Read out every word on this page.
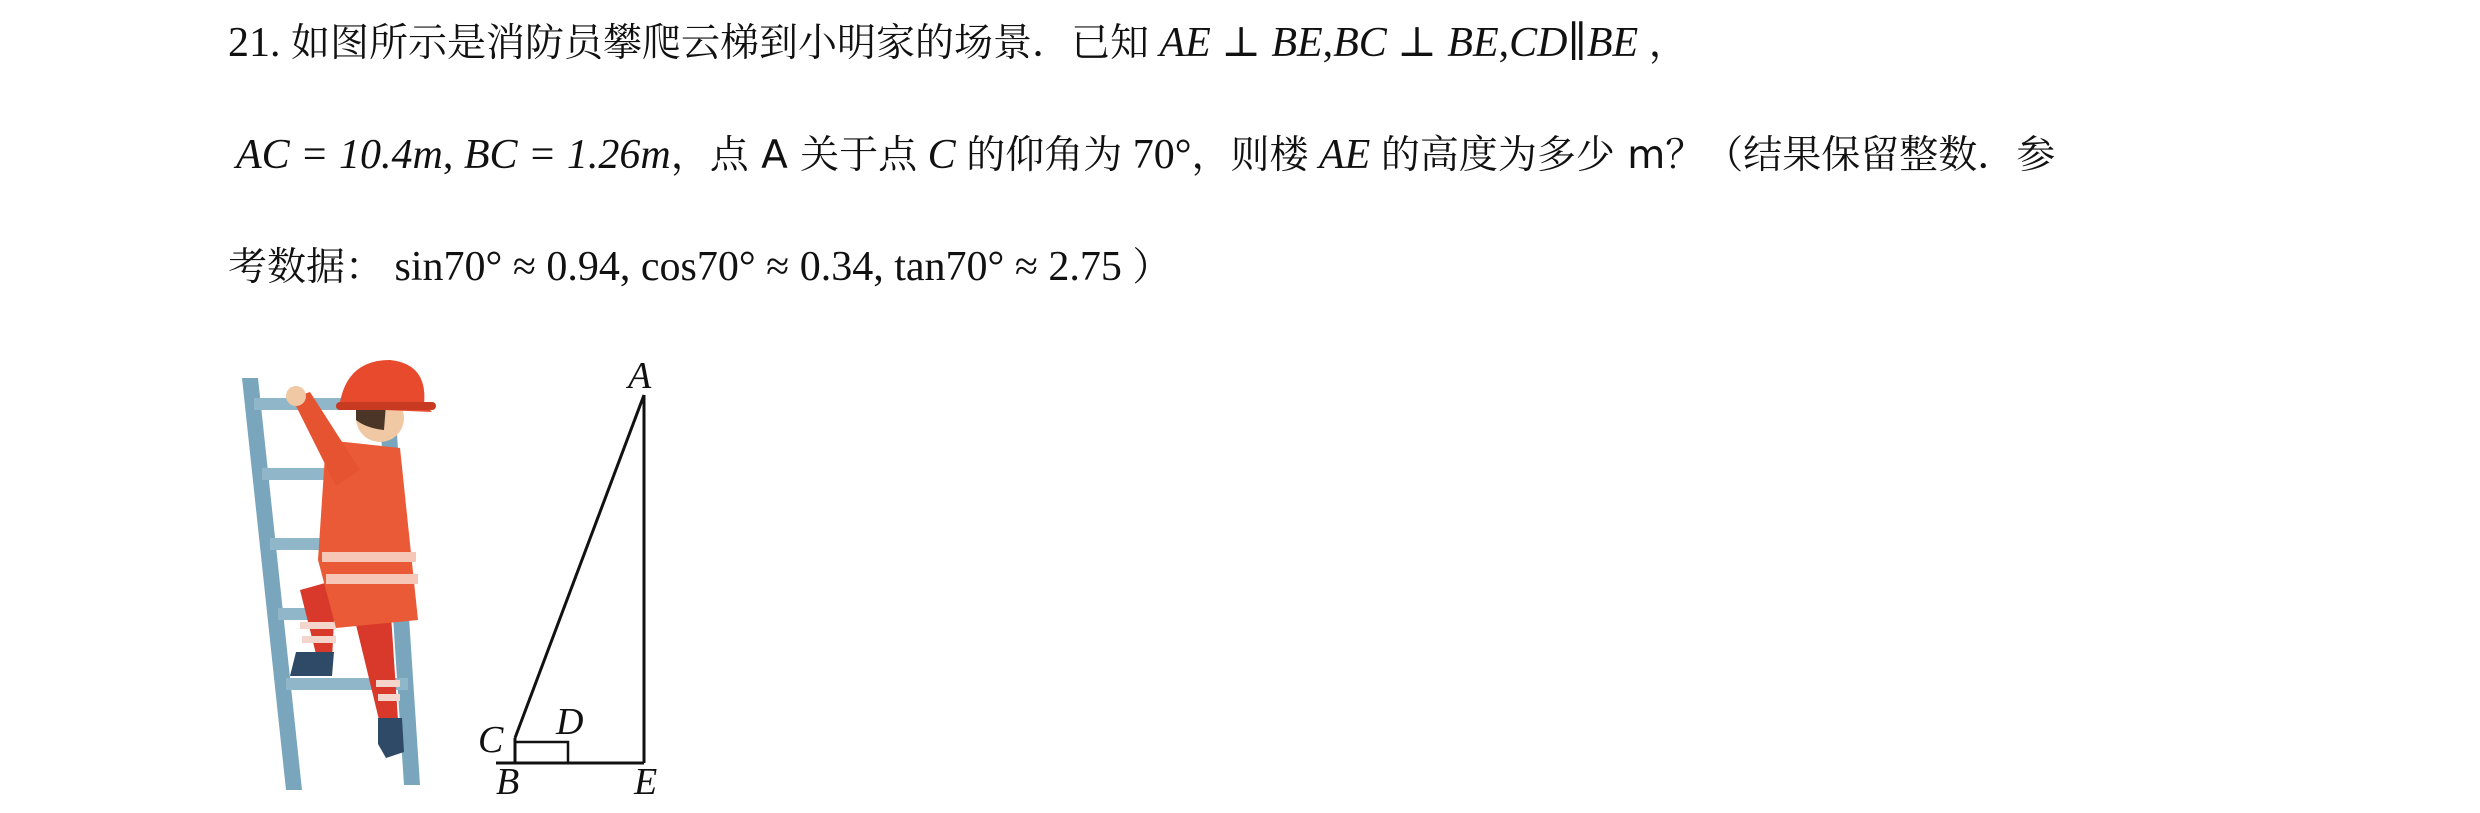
21. 如图所示是消防员攀爬云梯到小明家的场景．已知 AE ⊥ BE,BC ⊥ BE,CD∥BE ，
AC = 10.4m, BC = 1.26m，点 A 关于点 C 的仰角为 70°，则楼 AE 的高度为多少 m？（结果保留整数．参
考数据： sin70° ≈ 0.94, cos70° ≈ 0.34, tan70° ≈ 2.75 ）
A
B
C D
E
